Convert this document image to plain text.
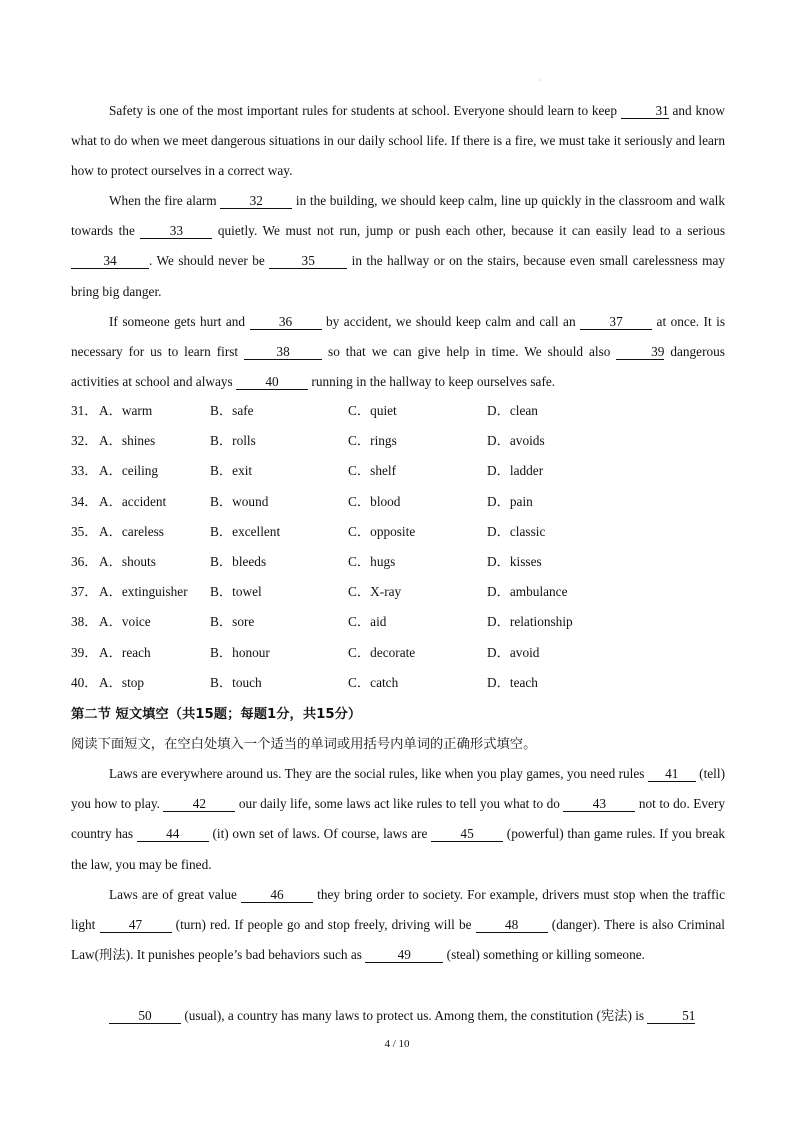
·

Safety is one of the most important rules for students at school. Everyone should learn to keep	31 and know what to do when we meet dangerous situations in our daily school life. If there is a fire, we must take it seriously and learn how to protect ourselves in a correct way.

When the fire alarm 32 in the building, we should keep calm, line up quickly in the classroom and walk towards the 33 quietly. We must not run, jump or push each other, because it can easily lead to a serious 34 . We should never be 35 in the hallway or on the stairs, because even small carelessness may bring big danger.

If someone gets hurt and 36 by accident, we should keep calm and call an 37 at once. It is necessary for us to learn first 38 so that we can give help in time. We should also	39 dangerous activities at school and always 40 running in the hallway to keep ourselves safe.

31． A．warm	B．safe	C．quiet	D．clean
32． A．shines	B．rolls	C．rings	D．avoids
33． A．ceiling	B．exit	C．shelf	D．ladder
34． A．accident	B．wound	C．blood	D．pain
35． A．careless	B．excellent	C．opposite	D．classic
36． A．shouts	B．bleeds	C．hugs	D．kisses
37． A．extinguisher B．towel	C．X-ray	D．ambulance
38． A．voice	B．sore	C．aid	D．relationship
39． A．reach	B．honour	C．decorate	D．avoid
40． A．stop	B．touch	C．catch	D．teach
第二节 短文填空（共15题；每题1分，共15分）
阅读下面短文，在空白处填入一个适当的单词或用括号内单词的正确形式填空。

Laws are everywhere around us. They are the social rules, like when you play games, you need rules 41 (tell) you how to play. 42 our daily life, some laws act like rules to tell you what to do 43 not to do. Every country has 44 (it) own set of laws. Of course, laws are 45 (powerful) than game rules. If you break the law, you may be fined.

Laws are of great value 46 they bring order to society. For example, drivers must stop when the traffic light 47 (turn) red. If people go and stop freely, driving will be 48 (danger). There is also Criminal Law(刑法). It punishes people’s bad behaviors such as 49 (steal) something or killing someone.

50 (usual), a country has many laws to protect us. Among them, the constitution (宪法) is	51

4 / 10
